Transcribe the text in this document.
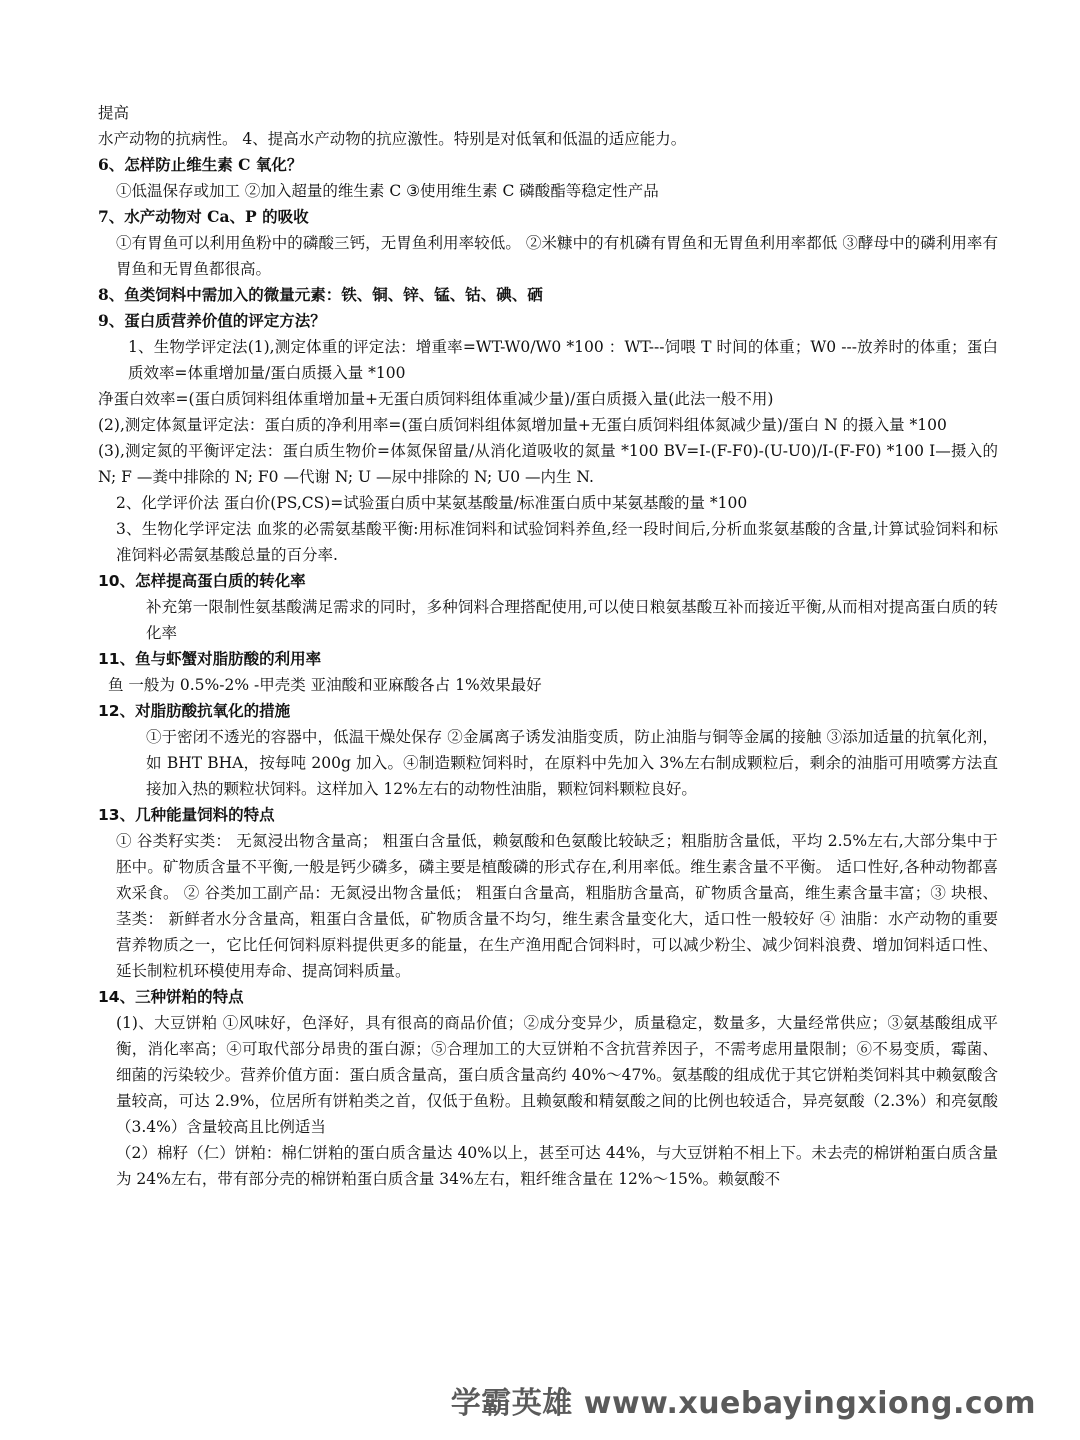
提高
水产动物的抗病性。 4、提高水产动物的抗应激性。特别是对低氧和低温的适应能力。
6、怎样防止维生素 C 氧化？
①低温保存或加工 ②加入超量的维生素 C ③使用维生素 C 磷酸酯等稳定性产品
7、水产动物对 Ca、P 的吸收
①有胃鱼可以利用鱼粉中的磷酸三钙，无胃鱼利用率较低。 ②米糠中的有机磷有胃鱼和无胃鱼利用率都低 ③酵母中的磷利用率有胃鱼和无胃鱼都很高。
8、鱼类饲料中需加入的微量元素：铁、铜、锌、锰、钴、碘、硒
9、蛋白质营养价值的评定方法？
1、生物学评定法(1),测定体重的评定法：增重率=WT-W0/W0 *100 ：WT---饲喂 T 时间的体重；W0 ---放养时的体重；蛋白质效率=体重增加量/蛋白质摄入量 *100
净蛋白效率=(蛋白质饲料组体重增加量+无蛋白质饲料组体重减少量)/蛋白质摄入量(此法一般不用)
(2),测定体氮量评定法：蛋白质的净利用率=(蛋白质饲料组体氮增加量+无蛋白质饲料组体氮减少量)/蛋白 N 的摄入量 *100
(3),测定氮的平衡评定法：蛋白质生物价=体氮保留量/从消化道吸收的氮量 *100 BV=I-(F-F0)-(U-U0)/I-(F-F0) *100 I—摄入的 N; F —粪中排除的 N; F0 —代谢 N; U —尿中排除的 N; U0 —内生 N.
2、化学评价法 蛋白价(PS,CS)=试验蛋白质中某氨基酸量/标准蛋白质中某氨基酸的量 *100
3、生物化学评定法 血浆的必需氨基酸平衡:用标准饲料和试验饲料养鱼,经一段时间后,分析血浆氨基酸的含量,计算试验饲料和标准饲料必需氨基酸总量的百分率.
10、怎样提高蛋白质的转化率
补充第一限制性氨基酸满足需求的同时，多种饲料合理搭配使用,可以使日粮氨基酸互补而接近平衡,从而相对提高蛋白质的转化率
11、鱼与虾蟹对脂肪酸的利用率
鱼 一般为 0.5%-2% -甲壳类 亚油酸和亚麻酸各占 1%效果最好
12、对脂肪酸抗氧化的措施
①于密闭不透光的容器中，低温干燥处保存 ②金属离子诱发油脂变质，防止油脂与铜等金属的接触 ③添加适量的抗氧化剂，如 BHT BHA，按每吨 200g 加入。④制造颗粒饲料时，在原料中先加入 3%左右制成颗粒后，剩余的油脂可用喷雾方法直接加入热的颗粒状饲料。这样加入 12%左右的动物性油脂，颗粒饲料颗粒良好。
13、几种能量饲料的特点
① 谷类籽实类： 无氮浸出物含量高； 粗蛋白含量低，赖氨酸和色氨酸比较缺乏；粗脂肪含量低，平均 2.5%左右,大部分集中于胚中。矿物质含量不平衡,一般是钙少磷多，磷主要是植酸磷的形式存在,利用率低。维生素含量不平衡。 适口性好,各种动物都喜欢采食。 ② 谷类加工副产品：无氮浸出物含量低； 粗蛋白含量高，粗脂肪含量高，矿物质含量高，维生素含量丰富；③ 块根、茎类： 新鲜者水分含量高，粗蛋白含量低，矿物质含量不均匀，维生素含量变化大，适口性一般较好 ④ 油脂：水产动物的重要营养物质之一，它比任何饲料原料提供更多的能量，在生产渔用配合饲料时，可以减少粉尘、减少饲料浪费、增加饲料适口性、延长制粒机环模使用寿命、提高饲料质量。
14、三种饼粕的特点
(1)、大豆饼粕 ①风味好，色泽好，具有很高的商品价值；②成分变异少，质量稳定，数量多，大量经常供应；③氨基酸组成平衡，消化率高；④可取代部分昂贵的蛋白源；⑤合理加工的大豆饼粕不含抗营养因子，不需考虑用量限制；⑥不易变质，霉菌、细菌的污染较少。营养价值方面：蛋白质含量高，蛋白质含量高约 40%～47%。氨基酸的组成优于其它饼粕类饲料其中赖氨酸含量较高，可达 2.9%，位居所有饼粕类之首，仅低于鱼粉。且赖氨酸和精氨酸之间的比例也较适合，异亮氨酸（2.3%）和亮氨酸（3.4%）含量较高且比例适当
（2）棉籽（仁）饼粕：棉仁饼粕的蛋白质含量达 40%以上，甚至可达 44%，与大豆饼粕不相上下。未去壳的棉饼粕蛋白质含量为 24%左右，带有部分壳的棉饼粕蛋白质含量 34%左右，粗纤维含量在 12%～15%。赖氨酸不
学霸英雄 www.xuebayingxiong.com
